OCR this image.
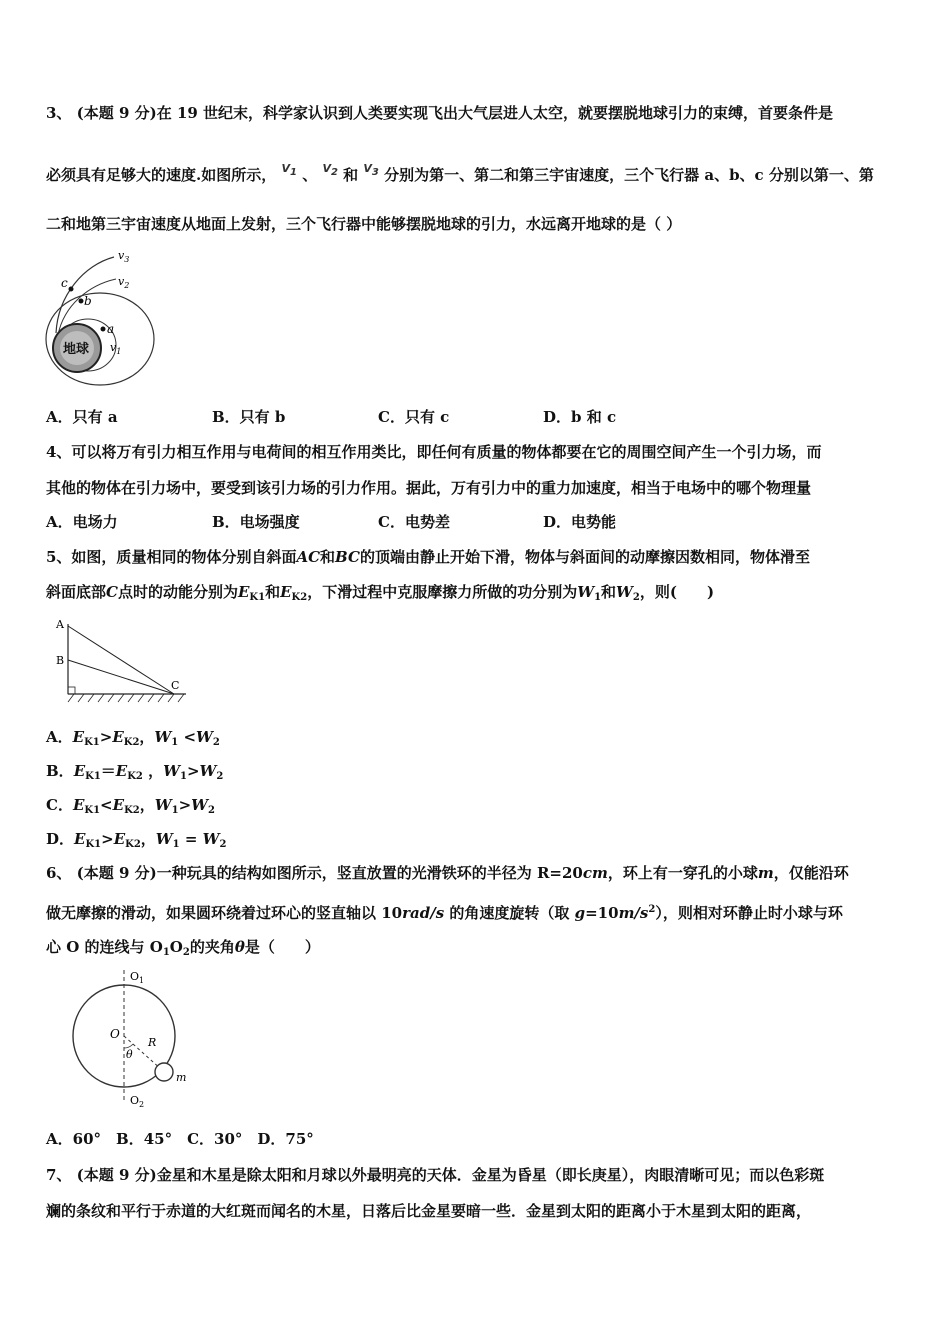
3、 (本题 9 分)在 19 世纪末，科学家认识到人类要实现飞出大气层进人太空，就要摆脱地球引力的束缚，首要条件是
必须具有足够大的速度.如图所示， $^{V1}$ 、 $^{V2}$ 和 $^{V3}$ 分别为第一、第二和第三宇宙速度，三个飞行器 a、b、c 分别以第一、第
二和地第三宇宙速度从地面上发射，三个飞行器中能够摆脱地球的引力，水远离开地球的是（ ）
地球
c
b
a
$v_1$
$v_2$
$v_3$
A．只有 a	B．只有 b	C．只有 c	D．b 和 c
4、可以将万有引力相互作用与电荷间的相互作用类比，即任何有质量的物体都要在它的周围空间产生一个引力场，而
其他的物体在引力场中，要受到该引力场的引力作用。据此，万有引力中的重力加速度，相当于电场中的哪个物理量
A．电场力	B．电场强度	C．电势差	D．电势能
5、如图，质量相同的物体分别自斜面AC和BC的顶端由静止开始下滑，物体与斜面间的动摩擦因数相同，物体滑至
斜面底部C点时的动能分别为$E_{K1}$和$E_{K2}$，下滑过程中克服摩擦力所做的功分别为$W_1$和$W_2$，则(　　)
A
B
C
A．$E_{K1}>E_{K2}$，$W_1 <W_2$
B．$E_{K1}=E_{K2}$ ，$W_1>W_2$
C．$E_{K1}<E_{K2}$，$W_1>W_2$
D．$E_{K1}>E_{K2}$，$W_1 = W_2$
6、 (本题 9 分)一种玩具的结构如图所示，竖直放置的光滑铁环的半径为 R=20cm，环上有一穿孔的小球m，仅能沿环
做无摩擦的滑动，如果圆环绕着过环心的竖直轴以 10rad/s 的角速度旋转（取 $g=10m/s^2$），则相对环静止时小球与环
心 O 的连线与 $O_1O_2$的夹角θ是（　　）
$O_1$
O
R
θ
m
$O_2$
A．60°　B．45°　C．30°　D．75°
7、 (本题 9 分)金星和木星是除太阳和月球以外最明亮的天体．金星为昏星（即长庚星），肉眼清晰可见；而以色彩斑
斓的条纹和平行于赤道的大红斑而闻名的木星，日落后比金星要暗一些．金星到太阳的距离小于木星到太阳的距离，
